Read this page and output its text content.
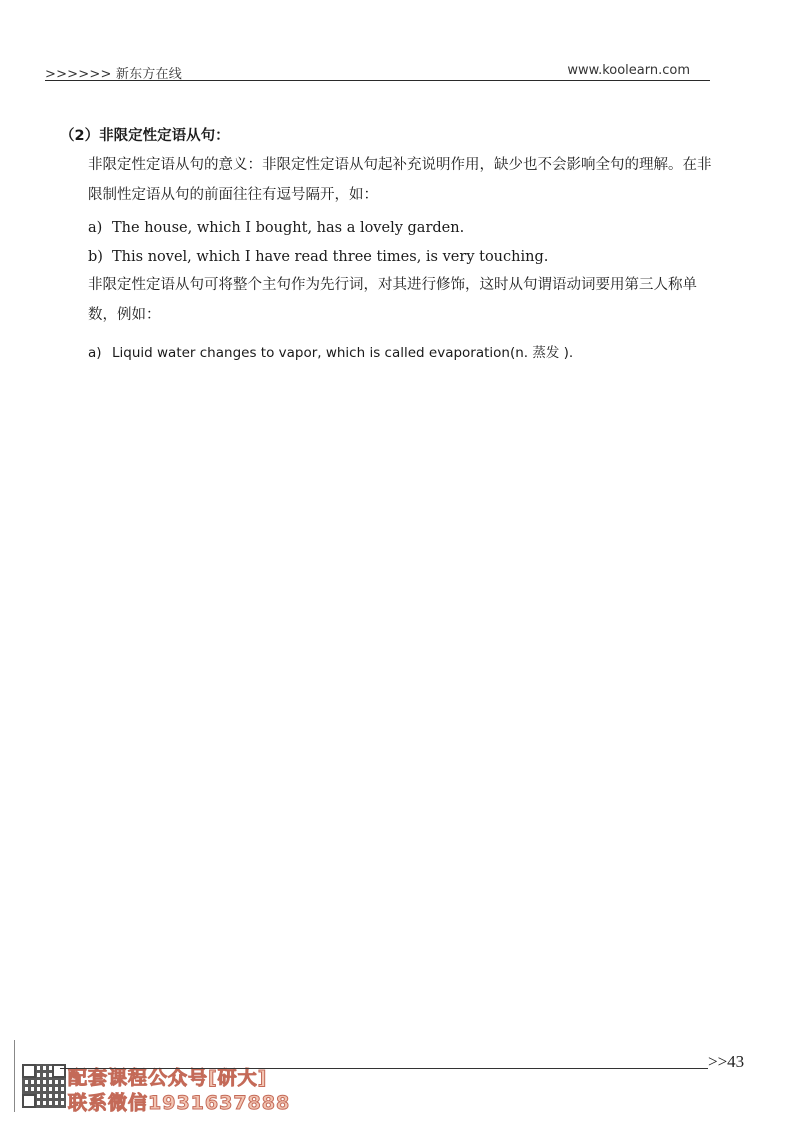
>>>>>> 新东方在线	www.koolearn.com
（2）非限定性定语从句：
非限定性定语从句的意义：非限定性定语从句起补充说明作用，缺少也不会影响全句的理解。在非限制性定语从句的前面往往有逗号隔开，如：
a) The house, which I bought, has a lovely garden.
b) This novel, which I have read three times, is very touching.
非限定性定语从句可将整个主句作为先行词，对其进行修饰，这时从句谓语动词要用第三人称单数，例如：
a) Liquid water changes to vapor, which is called evaporation(n. 蒸发 ).
配套课程公众号[研大]
联系微信1931637888
>>43
